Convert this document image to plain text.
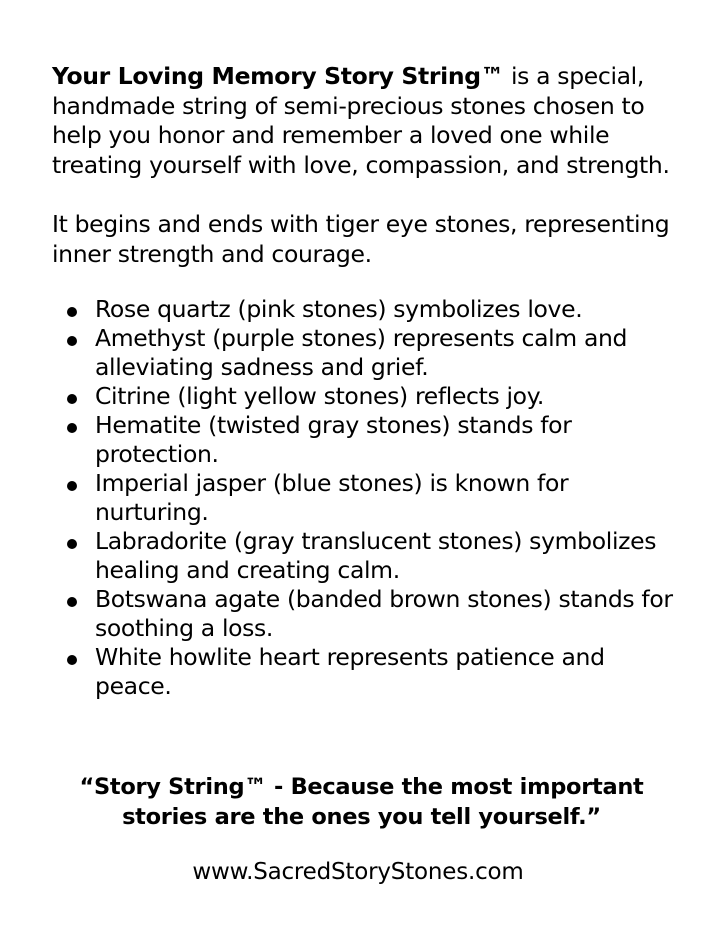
Your Loving Memory Story String™ is a special, handmade string of semi-precious stones chosen to help you honor and remember a loved one while treating yourself with love, compassion, and strength.

It begins and ends with tiger eye stones, representing inner strength and courage.

Rose quartz (pink stones) symbolizes love.
Amethyst (purple stones) represents calm and alleviating sadness and grief.
Citrine (light yellow stones) reflects joy.
Hematite (twisted gray stones) stands for protection.
Imperial jasper (blue stones) is known for nurturing.
Labradorite (gray translucent stones) symbolizes healing and creating calm.
Botswana agate (banded brown stones) stands for soothing a loss.
White howlite heart represents patience and peace.
“Story String™ - Because the most important
stories are the ones you tell yourself.”
www.SacredStoryStones.com
